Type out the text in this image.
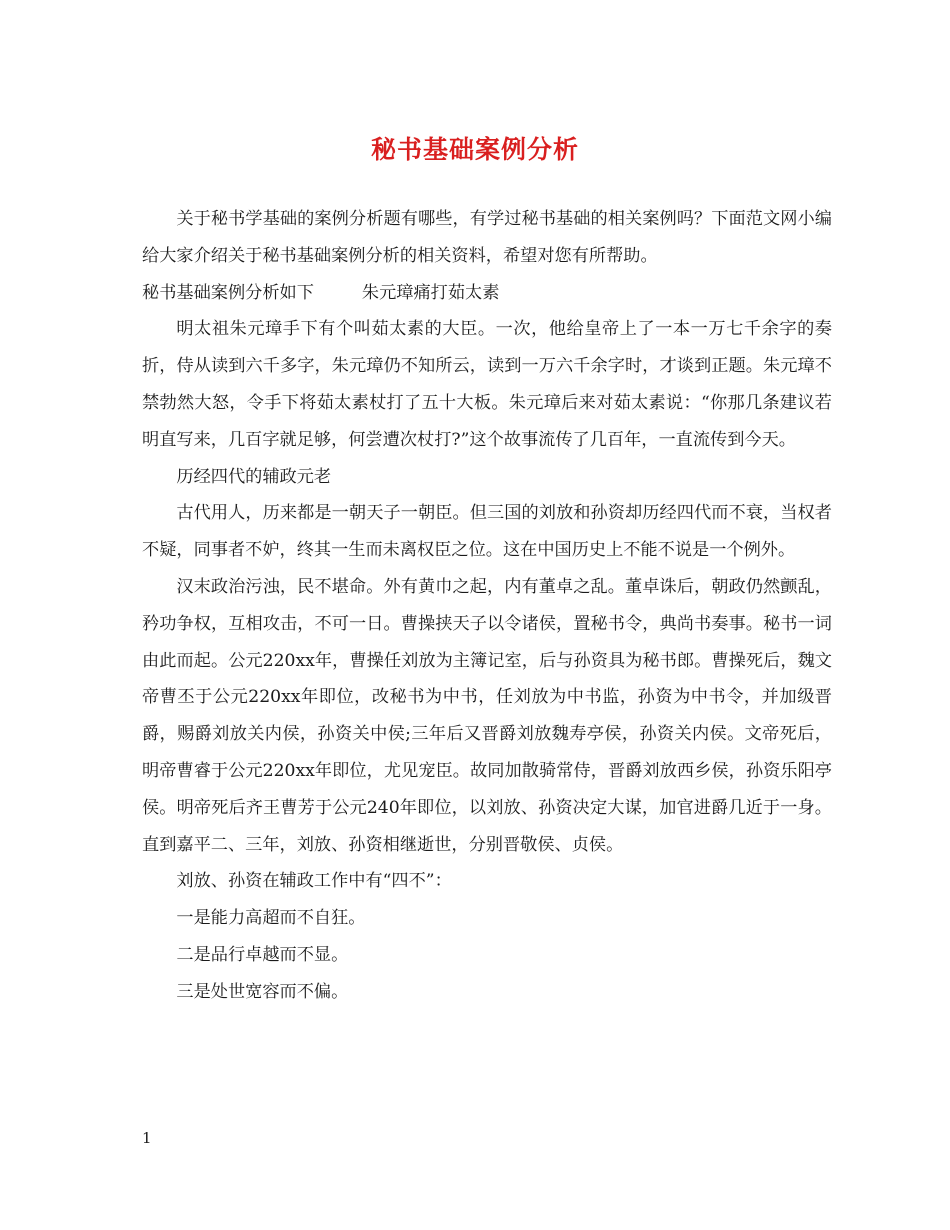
秘书基础案例分析

关于秘书学基础的案例分析题有哪些，有学过秘书基础的相关案例吗？下面范文网小编给大家介绍关于秘书基础案例分析的相关资料，希望对您有所帮助。

秘书基础案例分析如下	朱元璋痛打茹太素

明太祖朱元璋手下有个叫茹太素的大臣。一次，他给皇帝上了一本一万七千余字的奏折，侍从读到六千多字，朱元璋仍不知所云，读到一万六千余字时，才谈到正题。朱元璋不禁勃然大怒，令手下将茹太素杖打了五十大板。朱元璋后来对茹太素说：“你那几条建议若明直写来，几百字就足够，何尝遭次杖打?”这个故事流传了几百年，一直流传到今天。

历经四代的辅政元老

古代用人，历来都是一朝天子一朝臣。但三国的刘放和孙资却历经四代而不衰，当权者不疑，同事者不妒，终其一生而未离权臣之位。这在中国历史上不能不说是一个例外。

汉末政治污浊，民不堪命。外有黄巾之起，内有董卓之乱。董卓诛后，朝政仍然颤乱，矜功争权，互相攻击，不可一日。曹操挟天子以令诸侯，置秘书令，典尚书奏事。秘书一词由此而起。公元220xx年，曹操任刘放为主簿记室，后与孙资具为秘书郎。曹操死后，魏文帝曹丕于公元220xx年即位，改秘书为中书，任刘放为中书监，孙资为中书令，并加级晋爵，赐爵刘放关内侯，孙资关中侯;三年后又晋爵刘放魏寿亭侯，孙资关内侯。文帝死后，明帝曹睿于公元220xx年即位，尤见宠臣。故同加散骑常侍，晋爵刘放西乡侯，孙资乐阳亭侯。明帝死后齐王曹芳于公元240年即位，以刘放、孙资决定大谋，加官进爵几近于一身。直到嘉平二、三年，刘放、孙资相继逝世，分别晋敬侯、贞侯。

刘放、孙资在辅政工作中有“四不”：

一是能力高超而不自狂。

二是品行卓越而不显。

三是处世宽容而不偏。

1
